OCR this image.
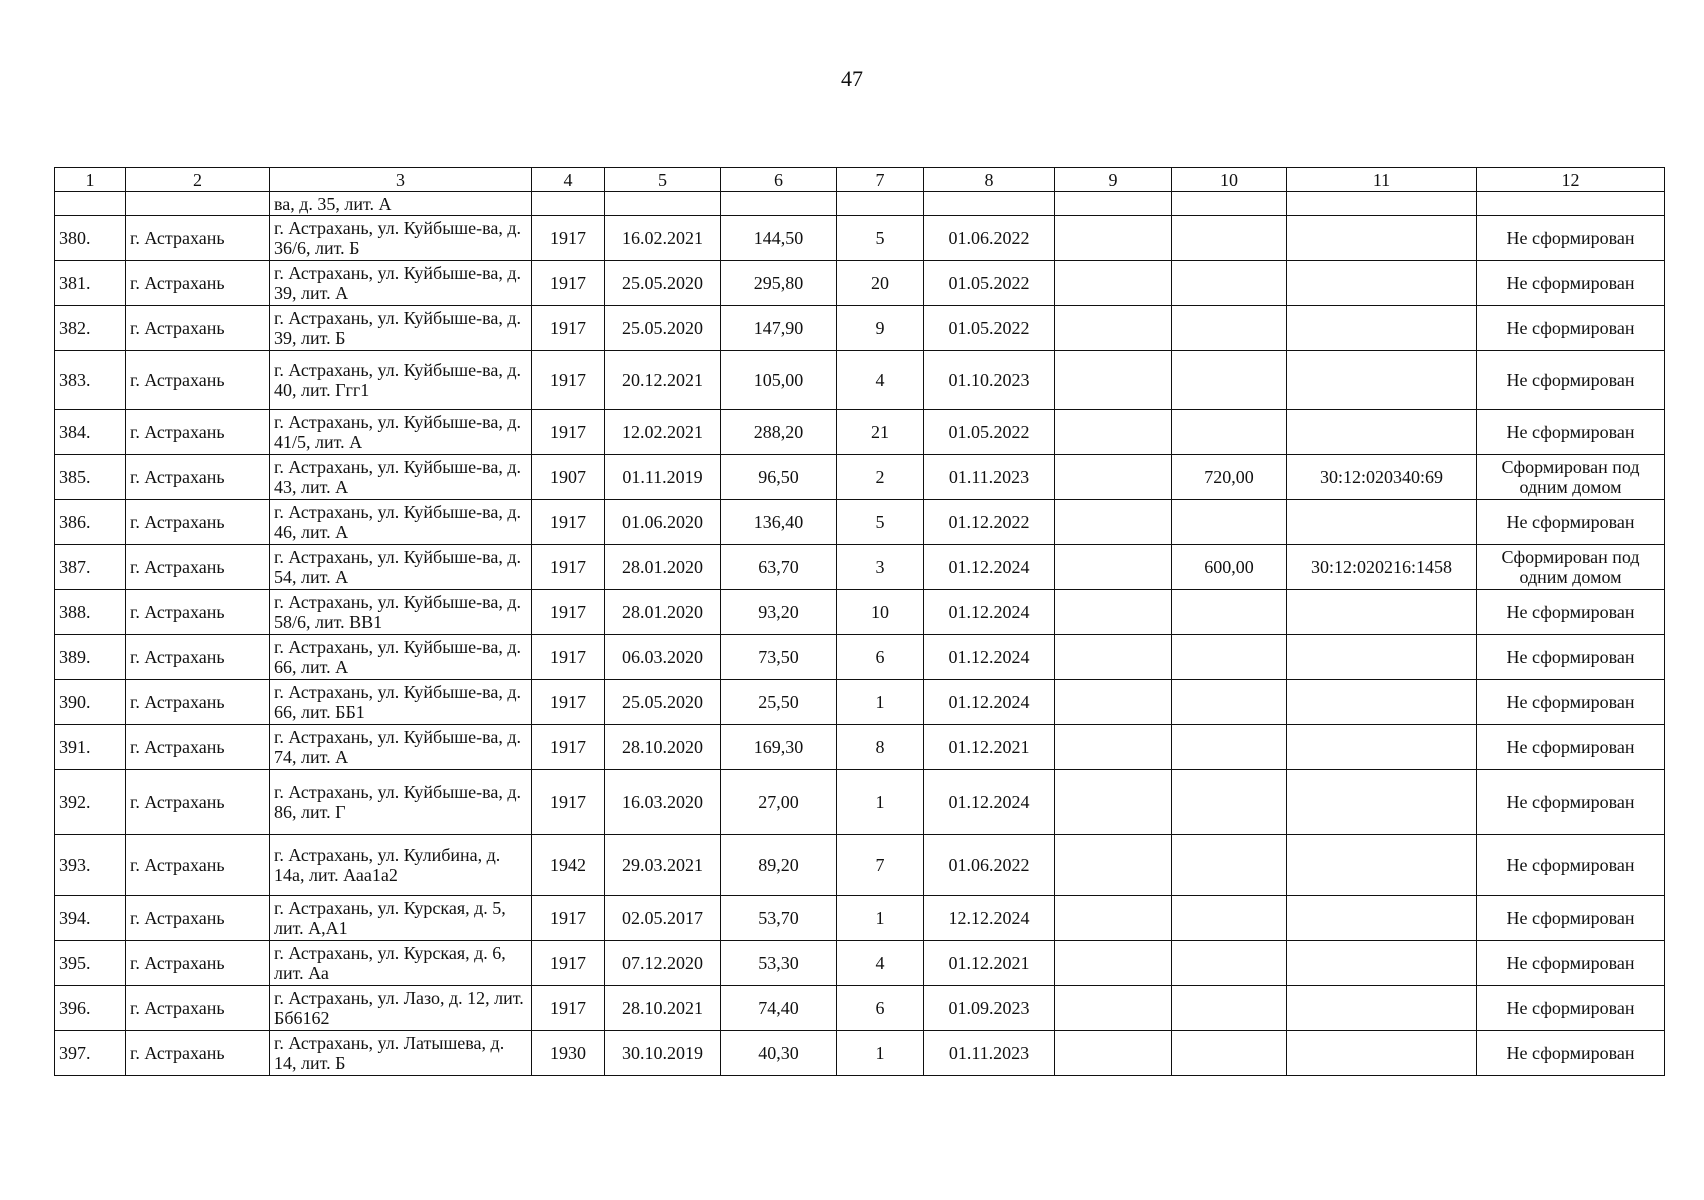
47
1	2	3	4	5	6	7	8	9	10	11	12
		ва, д. 35, лит. А									
380.	г. Астрахань	г. Астрахань, ул. Куйбыше-ва, д. 36/6, лит. Б	1917	16.02.2021	144,50	5	01.06.2022				Не сформирован
381.	г. Астрахань	г. Астрахань, ул. Куйбыше-ва, д. 39, лит. А	1917	25.05.2020	295,80	20	01.05.2022				Не сформирован
382.	г. Астрахань	г. Астрахань, ул. Куйбыше-ва, д. 39, лит. Б	1917	25.05.2020	147,90	9	01.05.2022				Не сформирован
383.	г. Астрахань	г. Астрахань, ул. Куйбыше-ва, д. 40, лит. Ггг1	1917	20.12.2021	105,00	4	01.10.2023				Не сформирован
384.	г. Астрахань	г. Астрахань, ул. Куйбыше-ва, д. 41/5, лит. А	1917	12.02.2021	288,20	21	01.05.2022				Не сформирован
385.	г. Астрахань	г. Астрахань, ул. Куйбыше-ва, д. 43, лит. А	1907	01.11.2019	96,50	2	01.11.2023		720,00	30:12:020340:69	Сформирован под одним домом
386.	г. Астрахань	г. Астрахань, ул. Куйбыше-ва, д. 46, лит. А	1917	01.06.2020	136,40	5	01.12.2022				Не сформирован
387.	г. Астрахань	г. Астрахань, ул. Куйбыше-ва, д. 54, лит. А	1917	28.01.2020	63,70	3	01.12.2024		600,00	30:12:020216:1458	Сформирован под одним домом
388.	г. Астрахань	г. Астрахань, ул. Куйбыше-ва, д. 58/6, лит. ВВ1	1917	28.01.2020	93,20	10	01.12.2024				Не сформирован
389.	г. Астрахань	г. Астрахань, ул. Куйбыше-ва, д. 66, лит. А	1917	06.03.2020	73,50	6	01.12.2024				Не сформирован
390.	г. Астрахань	г. Астрахань, ул. Куйбыше-ва, д. 66, лит. ББ1	1917	25.05.2020	25,50	1	01.12.2024				Не сформирован
391.	г. Астрахань	г. Астрахань, ул. Куйбыше-ва, д. 74, лит. А	1917	28.10.2020	169,30	8	01.12.2021				Не сформирован
392.	г. Астрахань	г. Астрахань, ул. Куйбыше-ва, д. 86, лит. Г	1917	16.03.2020	27,00	1	01.12.2024				Не сформирован
393.	г. Астрахань	г. Астрахань, ул. Кулибина, д. 14а, лит. Ааа1а2	1942	29.03.2021	89,20	7	01.06.2022				Не сформирован
394.	г. Астрахань	г. Астрахань, ул. Курская, д. 5, лит. А,А1	1917	02.05.2017	53,70	1	12.12.2024				Не сформирован
395.	г. Астрахань	г. Астрахань, ул. Курская, д. 6, лит. Аа	1917	07.12.2020	53,30	4	01.12.2021				Не сформирован
396.	г. Астрахань	г. Астрахань, ул. Лазо, д. 12, лит. Бб6162	1917	28.10.2021	74,40	6	01.09.2023				Не сформирован
397.	г. Астрахань	г. Астрахань, ул. Латышева, д. 14, лит. Б	1930	30.10.2019	40,30	1	01.11.2023				Не сформирован
